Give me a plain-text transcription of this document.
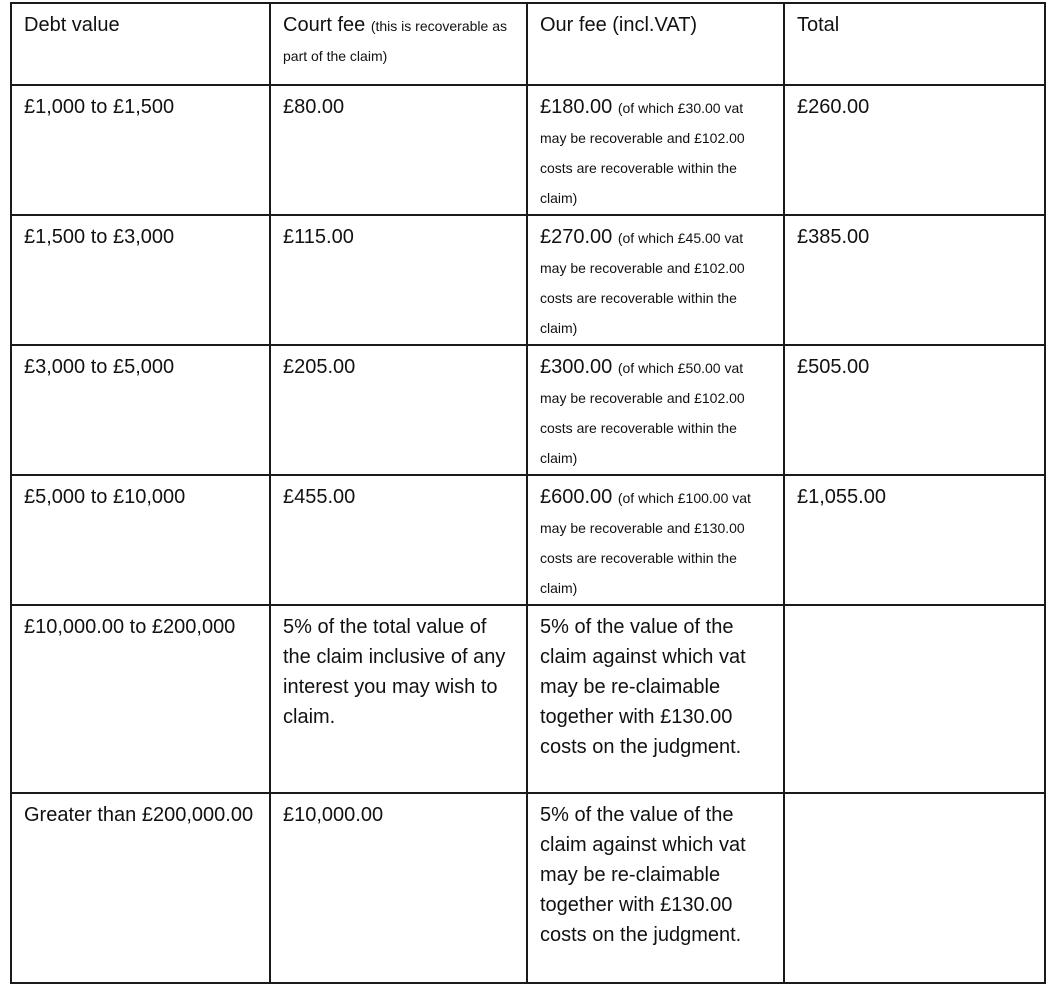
Debt value	Court fee (this is recoverable as part of the claim)	Our fee (incl.VAT)	Total
£1,000 to £1,500	£80.00	£180.00 (of which £30.00 vat may be recoverable and £102.00 costs are recoverable within the claim)	£260.00
£1,500 to £3,000	£115.00	£270.00 (of which £45.00 vat may be recoverable and £102.00 costs are recoverable within the claim)	£385.00
£3,000 to £5,000	£205.00	£300.00 (of which £50.00 vat may be recoverable and £102.00 costs are recoverable within the claim)	£505.00
£5,000 to £10,000	£455.00	£600.00 (of which £100.00 vat may be recoverable and £130.00 costs are recoverable within the claim)	£1,055.00
£10,000.00 to £200,000	5% of the total value of the claim inclusive of any interest you may wish to claim.	5% of the value of the claim against which vat may be re-claimable together with £130.00 costs on the judgment.	
Greater than £200,000.00	£10,000.00	5% of the value of the claim against which vat may be re-claimable together with £130.00 costs on the judgment.	
